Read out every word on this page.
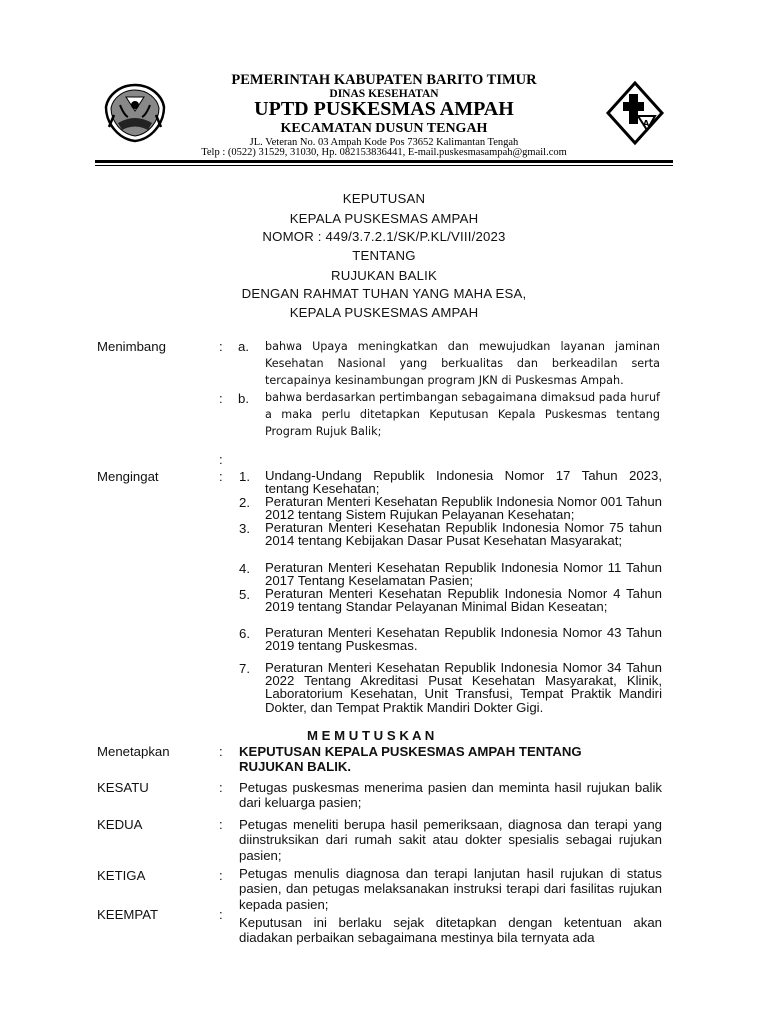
A
PEMERINTAH KABUPATEN BARITO TIMUR
DINAS KESEHATAN
UPTD PUSKESMAS AMPAH
KECAMATAN DUSUN TENGAH
JL. Veteran No. 03 Ampah Kode Pos 73652 Kalimantan Tengah
Telp : (0522) 31529, 31030, Hp. 082153836441, E-mail.puskesmasampah@gmail.com
KEPUTUSAN
KEPALA PUSKESMAS AMPAH
NOMOR : 449/3.7.2.1/SK/P.KL/VIII/2023
TENTANG
RUJUKAN BALIK
DENGAN RAHMAT TUHAN YANG MAHA ESA,
KEPALA PUSKESMAS AMPAH
Menimbang	: a. bahwa Upaya meningkatkan dan mewujudkan layanan jaminan Kesehatan Nasional yang berkualitas dan berkeadilan serta tercapainya kesinambungan program JKN di Puskesmas Ampah.
: b. bahwa berdasarkan pertimbangan sebagaimana dimaksud pada huruf a maka perlu ditetapkan Keputusan Kepala Puskesmas tentang Program Rujuk Balik;
:
Mengingat	: 1. Undang-Undang Republik Indonesia Nomor 17 Tahun 2023, tentang Kesehatan;
2. Peraturan Menteri Kesehatan Republik Indonesia Nomor 001 Tahun 2012 tentang Sistem Rujukan Pelayanan Kesehatan;
3. Peraturan Menteri Kesehatan Republik Indonesia Nomor 75 tahun 2014 tentang Kebijakan Dasar Pusat Kesehatan Masyarakat;
4. Peraturan Menteri Kesehatan Republik Indonesia Nomor 11 Tahun 2017 Tentang Keselamatan Pasien;
5. Peraturan Menteri Kesehatan Republik Indonesia Nomor 4 Tahun 2019 tentang Standar Pelayanan Minimal Bidan Keseatan;
6. Peraturan Menteri Kesehatan Republik Indonesia Nomor 43 Tahun 2019 tentang Puskesmas.
7. Peraturan Menteri Kesehatan Republik Indonesia Nomor 34 Tahun 2022 Tentang Akreditasi Pusat Kesehatan Masyarakat, Klinik, Laboratorium Kesehatan, Unit Transfusi, Tempat Praktik Mandiri Dokter, dan Tempat Praktik Mandiri Dokter Gigi.
M E M U T U S K A N
Menetapkan	: KEPUTUSAN KEPALA PUSKESMAS AMPAH TENTANG RUJUKAN BALIK.
KESATU	: Petugas puskesmas menerima pasien dan meminta hasil rujukan balik dari keluarga pasien;
KEDUA	: Petugas meneliti berupa hasil pemeriksaan, diagnosa dan terapi yang diinstruksikan dari rumah sakit atau dokter spesialis sebagai rujukan pasien;
KETIGA	: Petugas menulis diagnosa dan terapi lanjutan hasil rujukan di status pasien, dan petugas melaksanakan instruksi terapi dari fasilitas rujukan kepada pasien;
KEEMPAT	:
Keputusan ini berlaku sejak ditetapkan dengan ketentuan akan diadakan perbaikan sebagaimana mestinya bila ternyata ada
